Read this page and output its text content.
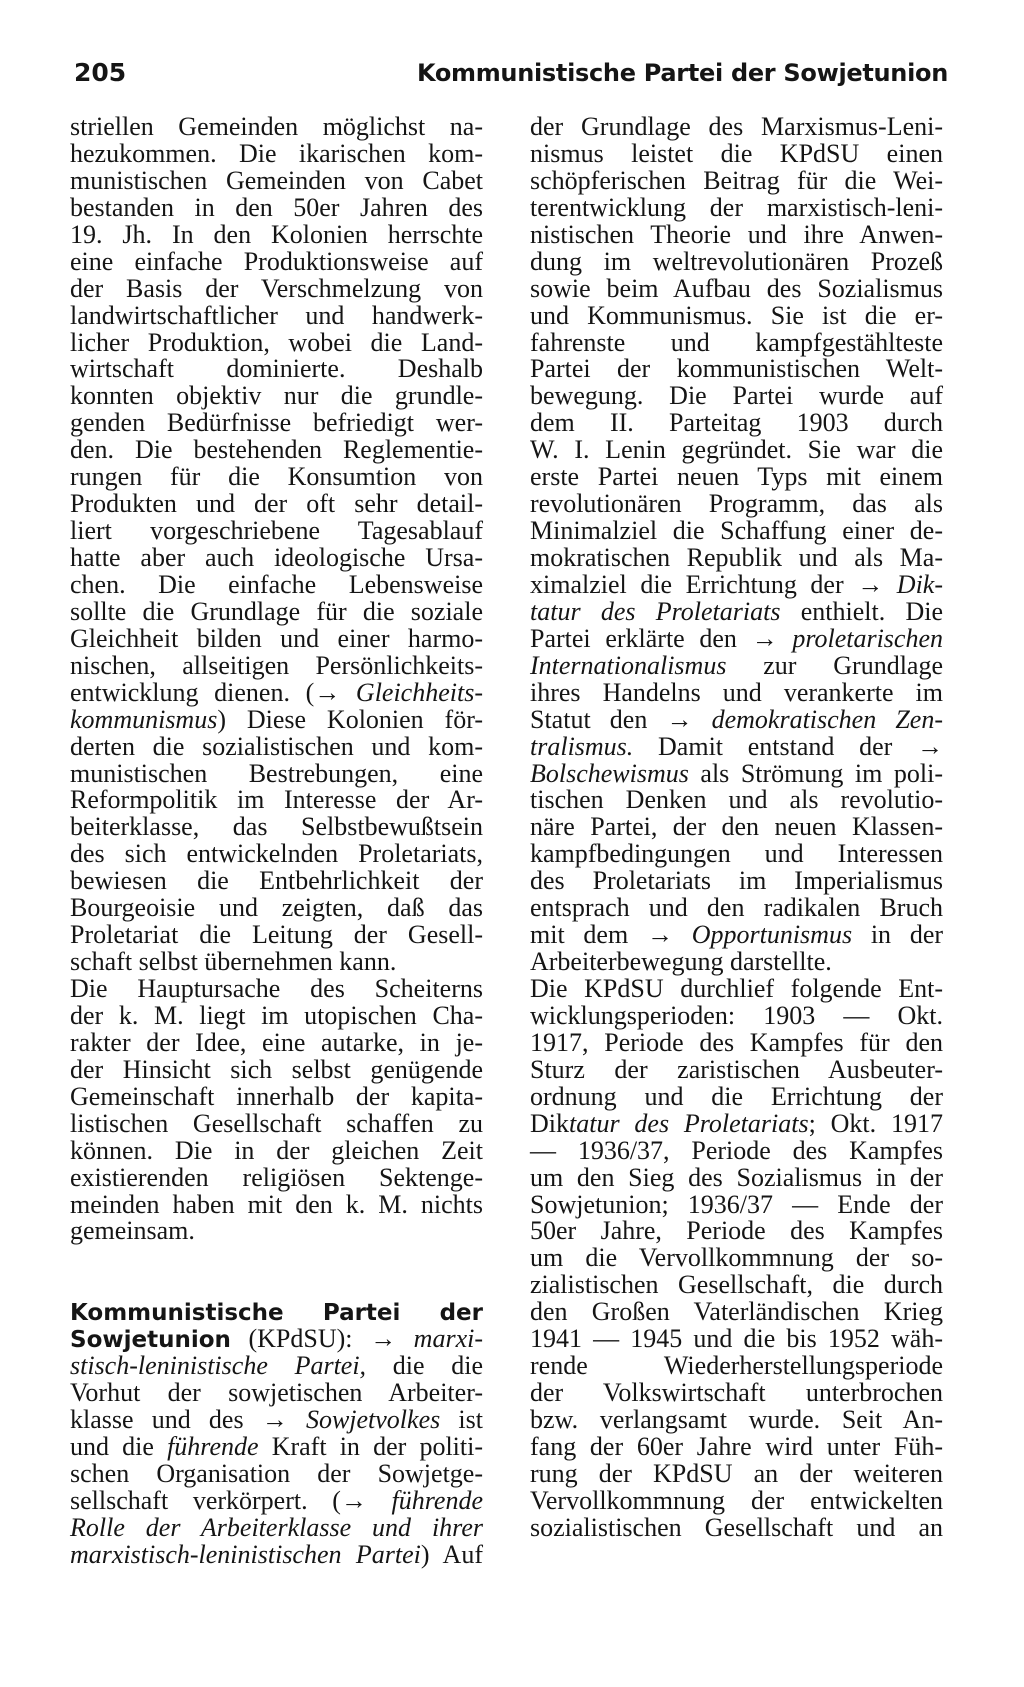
205	Kommunistische Partei der Sowjetunion
striellen Gemeinden möglichst na-
hezukommen. Die ikarischen kom-
munistischen Gemeinden von Cabet
bestanden in den 50er Jahren des
19. Jh. In den Kolonien herrschte
eine einfache Produktionsweise auf
der Basis der Verschmelzung von
landwirtschaftlicher und handwerk-
licher Produktion, wobei die Land-
wirtschaft dominierte. Deshalb
konnten objektiv nur die grundle-
genden Bedürfnisse befriedigt wer-
den. Die bestehenden Reglementie-
rungen für die Konsumtion von
Produkten und der oft sehr detail-
liert vorgeschriebene Tagesablauf
hatte aber auch ideologische Ursa-
chen. Die einfache Lebensweise
sollte die Grundlage für die soziale
Gleichheit bilden und einer harmo-
nischen, allseitigen Persönlichkeits-
entwicklung dienen. (→ Gleichheits-
kommunismus) Diese Kolonien för-
derten die sozialistischen und kom-
munistischen Bestrebungen, eine
Reformpolitik im Interesse der Ar-
beiterklasse, das Selbstbewußtsein
des sich entwickelnden Proletariats,
bewiesen die Entbehrlichkeit der
Bourgeoisie und zeigten, daß das
Proletariat die Leitung der Gesell-
schaft selbst übernehmen kann.
Die Hauptursache des Scheiterns
der k. M. liegt im utopischen Cha-
rakter der Idee, eine autarke, in je-
der Hinsicht sich selbst genügende
Gemeinschaft innerhalb der kapita-
listischen Gesellschaft schaffen zu
können. Die in der gleichen Zeit
existierenden religiösen Sektenge-
meinden haben mit den k. M. nichts
gemeinsam.
Kommunistische Partei der
Sowjetunion (KPdSU): → marxi-
stisch-leninistische Partei, die die
Vorhut der sowjetischen Arbeiter-
klasse und des → Sowjetvolkes ist
und die führende Kraft in der politi-
schen Organisation der Sowjetge-
sellschaft verkörpert. (→ führende
Rolle der Arbeiterklasse und ihrer
marxistisch-leninistischen Partei) Auf
der Grundlage des Marxismus-Leni-
nismus leistet die KPdSU einen
schöpferischen Beitrag für die Wei-
terentwicklung der marxistisch-leni-
nistischen Theorie und ihre Anwen-
dung im weltrevolutionären Prozeß
sowie beim Aufbau des Sozialismus
und Kommunismus. Sie ist die er-
fahrenste und kampfgestählteste
Partei der kommunistischen Welt-
bewegung. Die Partei wurde auf
dem II. Parteitag 1903 durch
W. I. Lenin gegründet. Sie war die
erste Partei neuen Typs mit einem
revolutionären Programm, das als
Minimalziel die Schaffung einer de-
mokratischen Republik und als Ma-
ximalziel die Errichtung der → Dik-
tatur des Proletariats enthielt. Die
Partei erklärte den → proletarischen
Internationalismus zur Grundlage
ihres Handelns und verankerte im
Statut den → demokratischen Zen-
tralismus. Damit entstand der →
Bolschewismus als Strömung im poli-
tischen Denken und als revolutio-
näre Partei, der den neuen Klassen-
kampfbedingungen und Interessen
des Proletariats im Imperialismus
entsprach und den radikalen Bruch
mit dem → Opportunismus in der
Arbeiterbewegung darstellte.
Die KPdSU durchlief folgende Ent-
wicklungsperioden: 1903 — Okt.
1917, Periode des Kampfes für den
Sturz der zaristischen Ausbeuter-
ordnung und die Errichtung der
Diktatur des Proletariats; Okt. 1917
— 1936/37, Periode des Kampfes
um den Sieg des Sozialismus in der
Sowjetunion; 1936/37 — Ende der
50er Jahre, Periode des Kampfes
um die Vervollkommnung der so-
zialistischen Gesellschaft, die durch
den Großen Vaterländischen Krieg
1941 — 1945 und die bis 1952 wäh-
rende Wiederherstellungsperiode
der Volkswirtschaft unterbrochen
bzw. verlangsamt wurde. Seit An-
fang der 60er Jahre wird unter Füh-
rung der KPdSU an der weiteren
Vervollkommnung der entwickelten
sozialistischen Gesellschaft und an
